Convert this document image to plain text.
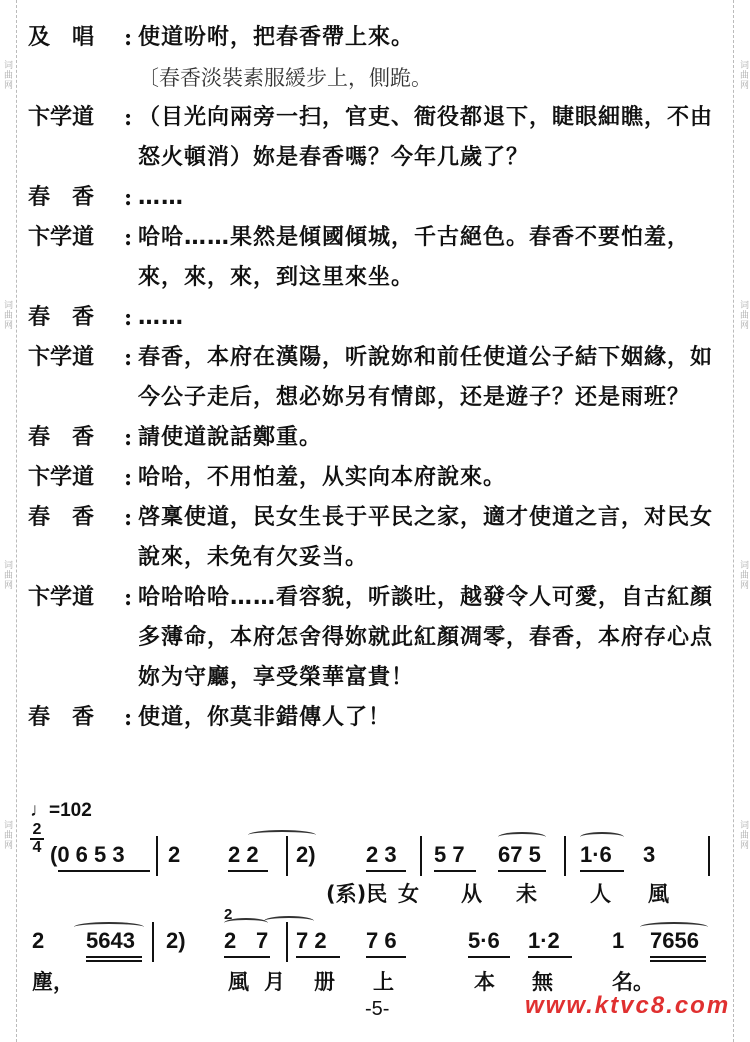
词曲网
词曲网
词曲网
词曲网
词曲网
词曲网
词曲网
词曲网
及　唱	: 使道吩咐，把春香帶上來。
〔春香淡裝素服緩步上，側跪。
卞学道	: （目光向兩旁一扫，官吏、衙役都退下，睫眼細瞧，不由怒火頓消）妳是春香嗎？今年几歲了？
春　香	: ……
卞学道	: 哈哈……果然是傾國傾城，千古絕色。春香不要怕羞，來，來，來，到这里來坐。
春　香	: ……
卞学道	: 春香，本府在漢陽，听說妳和前任使道公子結下姻緣，如今公子走后，想必妳另有情郎，还是遊子？还是雨班？
春　香	: 請使道說話鄭重。
卞学道	: 哈哈，不用怕羞，从实向本府說來。
春　香	: 啓稟使道，民女生長于平民之家，適才使道之言，对民女說來，未免有欠妥当。
卞学道	: 哈哈哈哈……看容貌，听談吐，越發令人可愛，自古紅顏多薄命，本府怎舍得妳就此紅顏凋零，春香，本府存心点妳为守廳，享受榮華富貴！
春　香	: 使道，你莫非錯傳人了！
♩=102
2
4 (0 6 5 3 2 2 2 2) 2 3 5 7 67 5 1·6 3
(系)民 女 从 未	人 風
2 5643 2)
2
2 7 7 2 7 6	5·6 1·2 1 7656
塵，	風 月 册 上	本 無	名。
-5-	www.ktvc8.com
